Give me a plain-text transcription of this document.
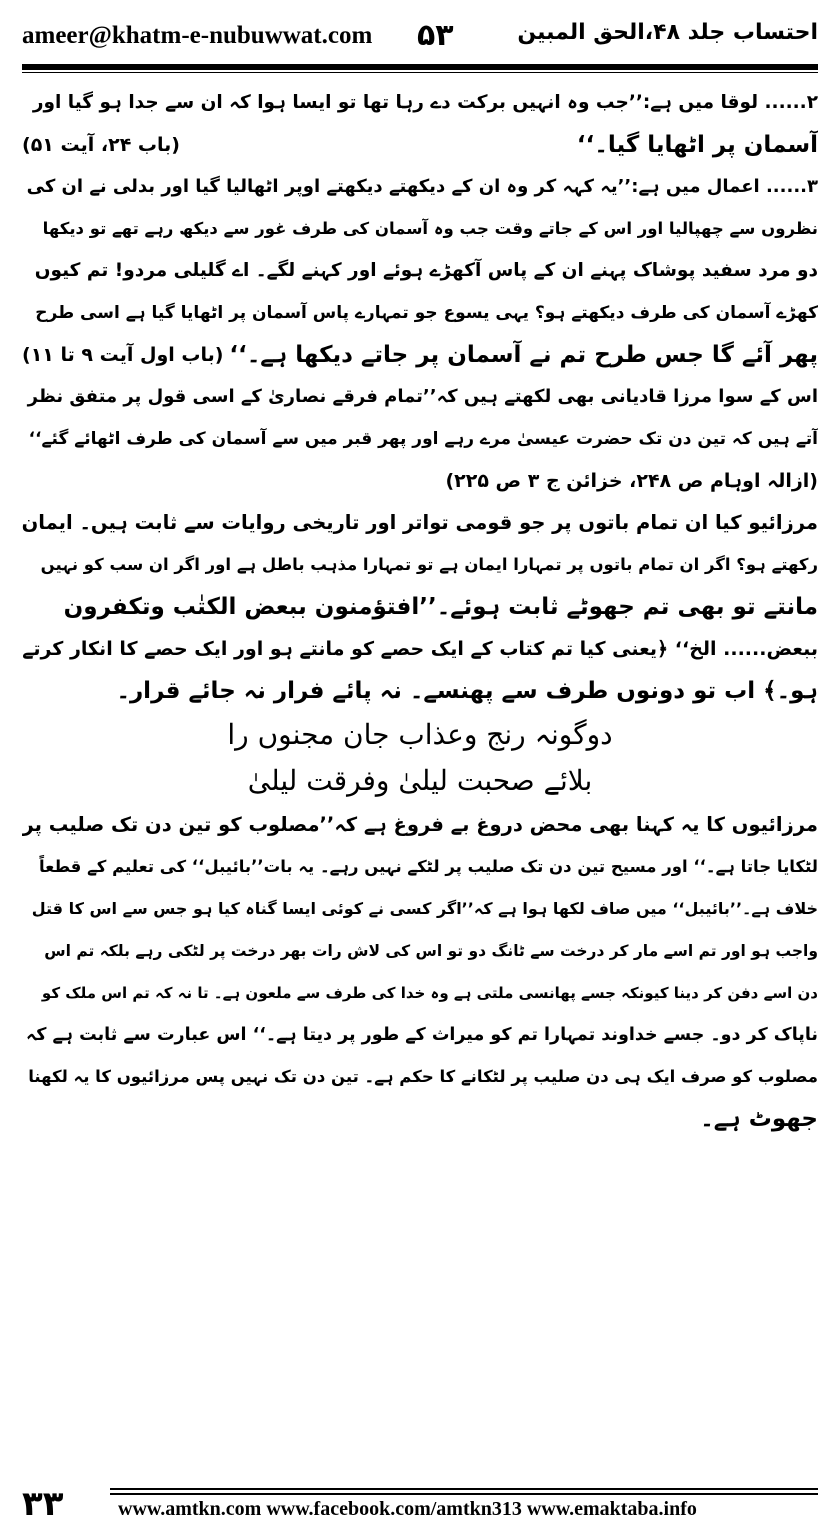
ameer@khatm-e-nubuwwat.com ۵۳	احتساب جلد ۴۸،الحق المبین

۲...... لوقا میں ہے:’’جب وہ انہیں برکت دے رہا تھا تو ایسا ہوا کہ ان سے جدا ہو گیا اور

آسمان پر اٹھایا گیا۔‘‘

(باب ۲۴، آیت ۵۱)

۳...... اعمال میں ہے:’’یہ کہہ کر وہ ان کے دیکھتے دیکھتے اوپر اٹھالیا گیا اور بدلی نے ان کی

نظروں سے چھپالیا اور اس کے جاتے وقت جب وہ آسمان کی طرف غور سے دیکھ رہے تھے تو دیکھا

دو مرد سفید پوشاک پہنے ان کے پاس آکھڑے ہوئے اور کہنے لگے۔ اے گلیلی مردو! تم کیوں

کھڑے آسمان کی طرف دیکھتے ہو؟ یہی یسوع جو تمہارے پاس آسمان پر اٹھایا گیا ہے اسی طرح

پھر آئے گا جس طرح تم نے آسمان پر جاتے دیکھا ہے۔‘‘

(باب اول آیت ۹ تا ۱۱)

اس کے سوا مرزا قادیانی بھی لکھتے ہیں کہ’’تمام فرقے نصاریٰ کے اسی قول پر متفق نظر

آتے ہیں کہ تین دن تک حضرت عیسیٰ مرے رہے اور پھر قبر میں سے آسمان کی طرف اٹھائے گئے‘‘

(ازالہ اوہام ص ۲۴۸، خزائن ج ۳ ص ۲۲۵)

مرزائیو کیا ان تمام باتوں پر جو قومی تواتر اور تاریخی روایات سے ثابت ہیں۔ ایمان

رکھتے ہو؟ اگر ان تمام باتوں پر تمہارا ایمان ہے تو تمہارا مذہب باطل ہے اور اگر ان سب کو نہیں

مانتے تو بھی تم جھوٹے ثابت ہوئے۔’’افتؤمنون ببعض الکتٰب وتکفرون

ببعض...... الخ‘‘ ﴿یعنی کیا تم کتاب کے ایک حصے کو مانتے ہو اور ایک حصے کا انکار کرتے

ہو۔﴾ اب تو دونوں طرف سے پھنسے۔ نہ پائے فرار نہ جائے قرار۔

دوگونہ رنج وعذاب جان مجنوں را

بلائے صحبت لیلیٰ وفرقت لیلیٰ

مرزائیوں کا یہ کہنا بھی محض دروغ بے فروغ ہے کہ’’مصلوب کو تین دن تک صلیب پر

لٹکایا جاتا ہے۔‘‘ اور مسیح تین دن تک صلیب پر لٹکے نہیں رہے۔ یہ بات’’بائیبل‘‘ کی تعلیم کے قطعاً

خلاف ہے۔’’بائیبل‘‘ میں صاف لکھا ہوا ہے کہ’’اگر کسی نے کوئی ایسا گناہ کیا ہو جس سے اس کا قتل

واجب ہو اور تم اسے مار کر درخت سے ٹانگ دو تو اس کی لاش رات بھر درخت پر لٹکی رہے بلکہ تم اس

دن اسے دفن کر دینا کیونکہ جسے پھانسی ملتی ہے وہ خدا کی طرف سے ملعون ہے۔ تا نہ کہ تم اس ملک کو

ناپاک کر دو۔ جسے خداوند تمہارا تم کو میراث کے طور پر دیتا ہے۔‘‘ اس عبارت سے ثابت ہے کہ

مصلوب کو صرف ایک ہی دن صلیب پر لٹکانے کا حکم ہے۔ تین دن تک نہیں پس مرزائیوں کا یہ لکھنا

جھوٹ ہے۔

۳۳	www.amtkn.com www.facebook.com/amtkn313 www.emaktaba.info
